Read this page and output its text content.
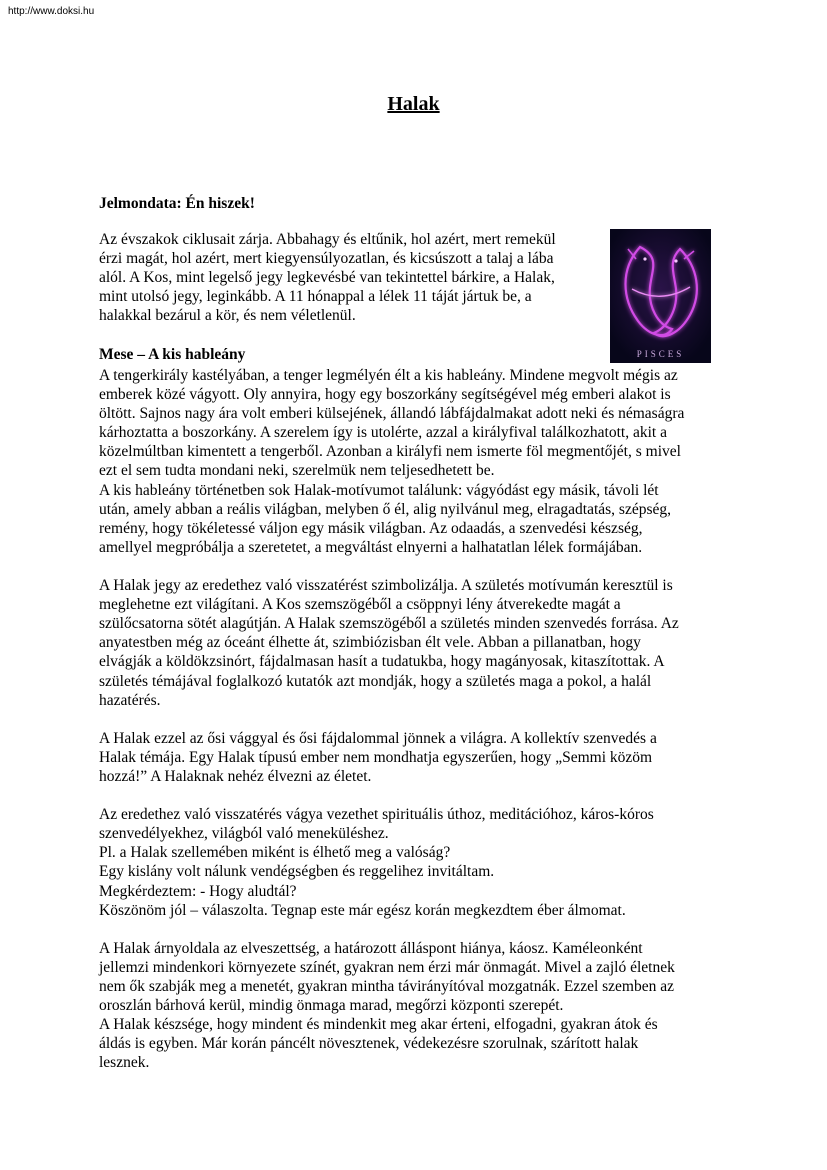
http://www.doksi.hu
Halak
Jelmondata: Én hiszek!
Az évszakok ciklusait zárja. Abbahagy és eltűnik, hol azért, mert remekül
érzi magát, hol azért, mert kiegyensúlyozatlan, és kicsúszott a talaj a lába
alól. A Kos, mint legelső jegy legkevésbé van tekintettel bárkire, a Halak,
mint utolsó jegy, leginkább. A 11 hónappal a lélek 11 táját jártuk be, a
halakkal bezárul a kör, és nem véletlenül.
PISCES
Mese – A kis hableány
A tengerkirály kastélyában, a tenger legmélyén élt a kis hableány. Mindene megvolt mégis az
emberek közé vágyott. Oly annyira, hogy egy boszorkány segítségével még emberi alakot is
öltött. Sajnos nagy ára volt emberi külsejének, állandó lábfájdalmakat adott neki és némaságra
kárhoztatta a boszorkány. A szerelem így is utolérte, azzal a királyfival találkozhatott, akit a
közelmúltban kimentett a tengerből. Azonban a királyfi nem ismerte föl megmentőjét, s mivel
ezt el sem tudta mondani neki, szerelmük nem teljesedhetett be.
A kis hableány történetben sok Halak-motívumot találunk: vágyódást egy másik, távoli lét
után, amely abban a reális világban, melyben ő él, alig nyilvánul meg, elragadtatás, szépség,
remény, hogy tökéletessé váljon egy másik világban. Az odaadás, a szenvedési készség,
amellyel megpróbálja a szeretetet, a megváltást elnyerni a halhatatlan lélek formájában.
A Halak jegy az eredethez való visszatérést szimbolizálja. A születés motívumán keresztül is
meglehetne ezt világítani. A Kos szemszögéből a csöppnyi lény átverekedte magát a
szülőcsatorna sötét alagútján. A Halak szemszögéből a születés minden szenvedés forrása. Az
anyatestben még az óceánt élhette át, szimbiózisban élt vele. Abban a pillanatban, hogy
elvágják a köldökzsinórt, fájdalmasan hasít a tudatukba, hogy magányosak, kitaszítottak. A
születés témájával foglalkozó kutatók azt mondják, hogy a születés maga a pokol, a halál
hazatérés.
A Halak ezzel az ősi vággyal és ősi fájdalommal jönnek a világra. A kollektív szenvedés a
Halak témája. Egy Halak típusú ember nem mondhatja egyszerűen, hogy „Semmi közöm
hozzá!” A Halaknak nehéz élvezni az életet.
Az eredethez való visszatérés vágya vezethet spirituális úthoz, meditációhoz, káros-kóros
szenvedélyekhez, világból való meneküléshez.
Pl. a Halak szellemében miként is élhető meg a valóság?
Egy kislány volt nálunk vendégségben és reggelihez invitáltam.
Megkérdeztem: - Hogy aludtál?
Köszönöm jól – válaszolta. Tegnap este már egész korán megkezdtem éber álmomat.
A Halak árnyoldala az elveszettség, a határozott álláspont hiánya, káosz. Kaméleonként
jellemzi mindenkori környezete színét, gyakran nem érzi már önmagát. Mivel a zajló életnek
nem ők szabják meg a menetét, gyakran mintha távirányítóval mozgatnák. Ezzel szemben az
oroszlán bárhová kerül, mindig önmaga marad, megőrzi központi szerepét.
A Halak készsége, hogy mindent és mindenkit meg akar érteni, elfogadni, gyakran átok és
áldás is egyben. Már korán páncélt növesztenek, védekezésre szorulnak, szárított halak
lesznek.
